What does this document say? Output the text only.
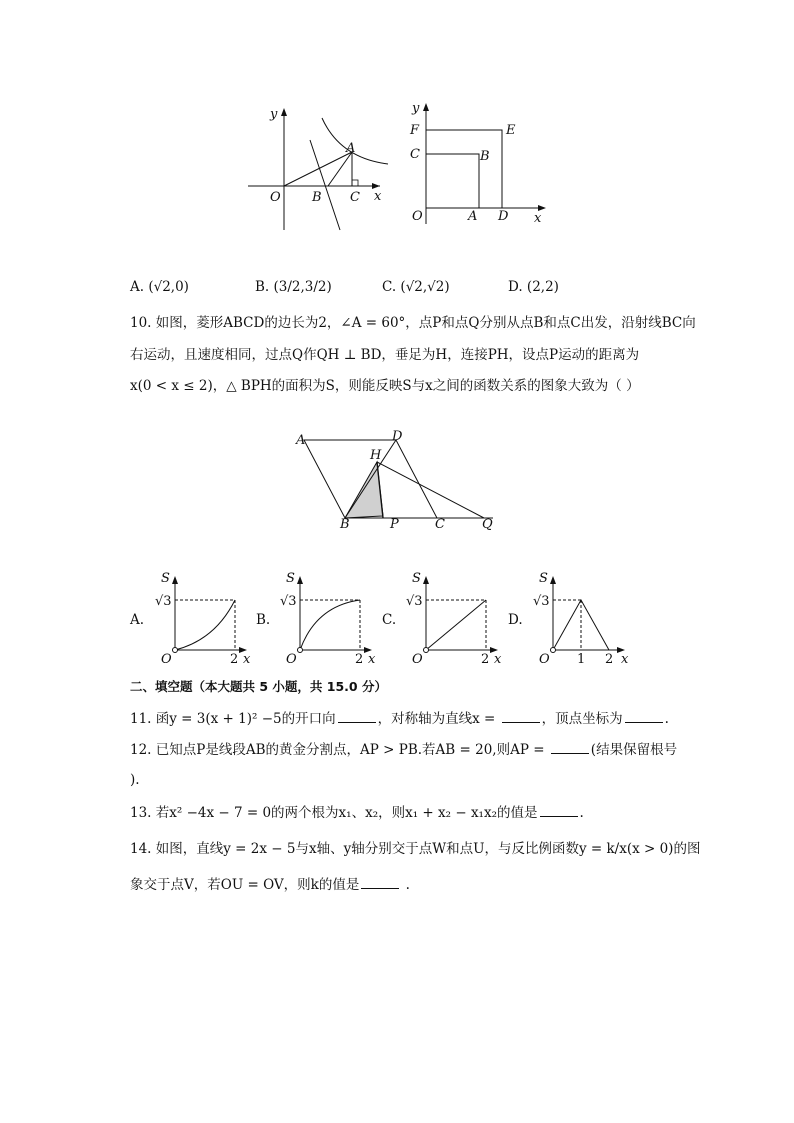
y
x
O
A
B C
y
x
O
F	E
C	B
A D
A. (√2,0)	B. (3/2,3/2)	C. (√2,√2)	D. (2,2)
10. 如图，菱形ABCD的边长为2，∠A = 60°，点P和点Q分别从点B和点C出发，沿射线BC向
右运动，且速度相同，过点Q作QH ⊥ BD，垂足为H，连接PH，设点P运动的距离为
x(0 < x ≤ 2)，△ BPH的面积为S，则能反映S与x之间的函数关系的图象大致为（ ）
A	D
H
B	P	C	Q
A.
S
√3
O	2 x
B.
S
√3
O	2 x
C.
S
√3
O	2 x
D.
S
√3
O 1 2 x
二、填空题（本大题共 5 小题，共 15.0 分）
11. 函y = 3(x + 1)² −5的开口向	，对称轴为直线x =	，顶点坐标为	.
12. 已知点P是线段AB的黄金分割点，AP > PB.若AB = 20,则AP =	(结果保留根号
).
13. 若x² −4x − 7 = 0的两个根为x₁、x₂，则x₁ + x₂ − x₁x₂的值是	.
14. 如图，直线y = 2x − 5与x轴、y轴分别交于点W和点U，与反比例函数y = k/x(x > 0)的图
象交于点V，若OU = OV，则k的值是	.
